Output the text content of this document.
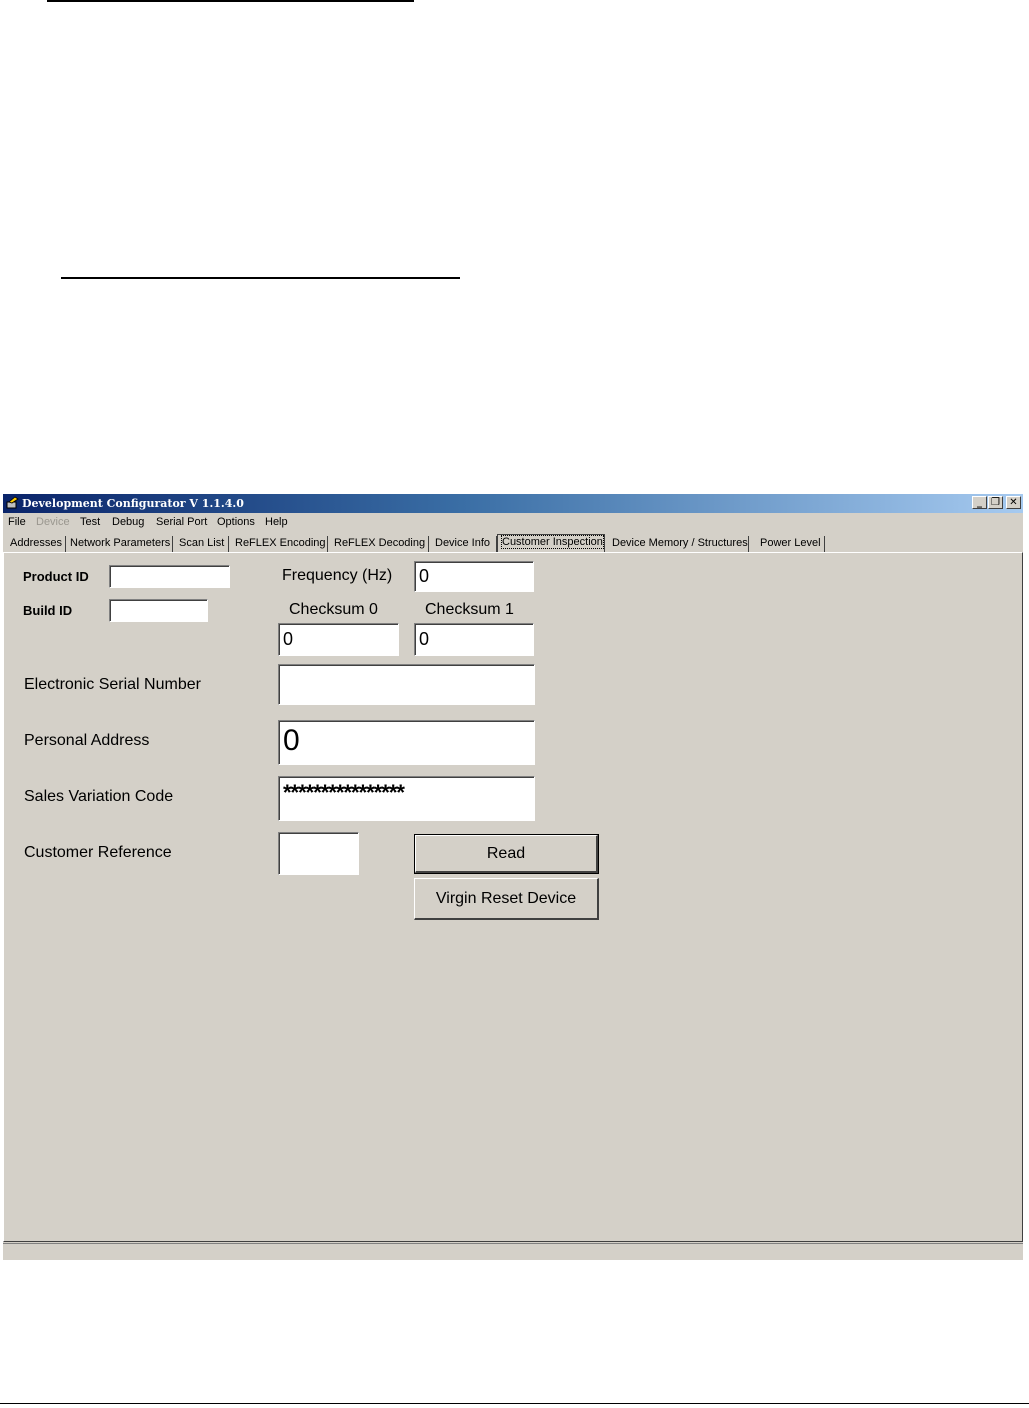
Development Configurator V 1.1.4.0	_ ❐ ✕
File Device Test Debug Serial Port Options Help
Addresses Network Parameters Scan List ReFLEX Encoding ReFLEX Decoding Device Info	Customer Inspection Device Memory / Structures	Power Level
Product ID
Build ID
Frequency (Hz) 0
Checksum 0	Checksum 1
0	0
Electronic Serial Number
Personal Address	0
Sales Variation Code	****************
Customer Reference	Read
Virgin Reset Device
